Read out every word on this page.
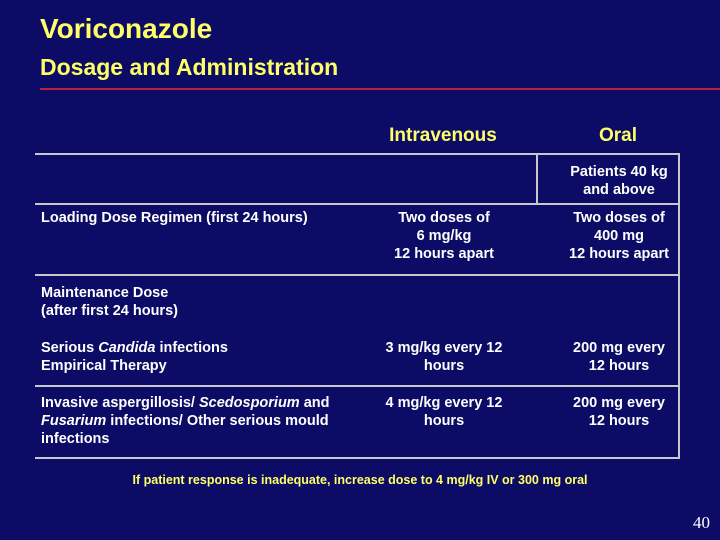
Voriconazole
Dosage and Administration
Intravenous	Oral
Patients 40 kg
and above
Loading Dose Regimen (first 24 hours)	Two doses of
6 mg/kg
12 hours apart
Two doses of
400 mg
12 hours apart
Maintenance Dose
(after first 24 hours)
Serious Candida infections
Empirical Therapy
3 mg/kg every 12
hours
200 mg every
12 hours
Invasive aspergillosis/ Scedosporium and
Fusarium infections/ Other serious mould
infections
4 mg/kg every 12
hours
200 mg every
12 hours
If patient response is inadequate, increase dose to 4 mg/kg IV or 300 mg oral
40
